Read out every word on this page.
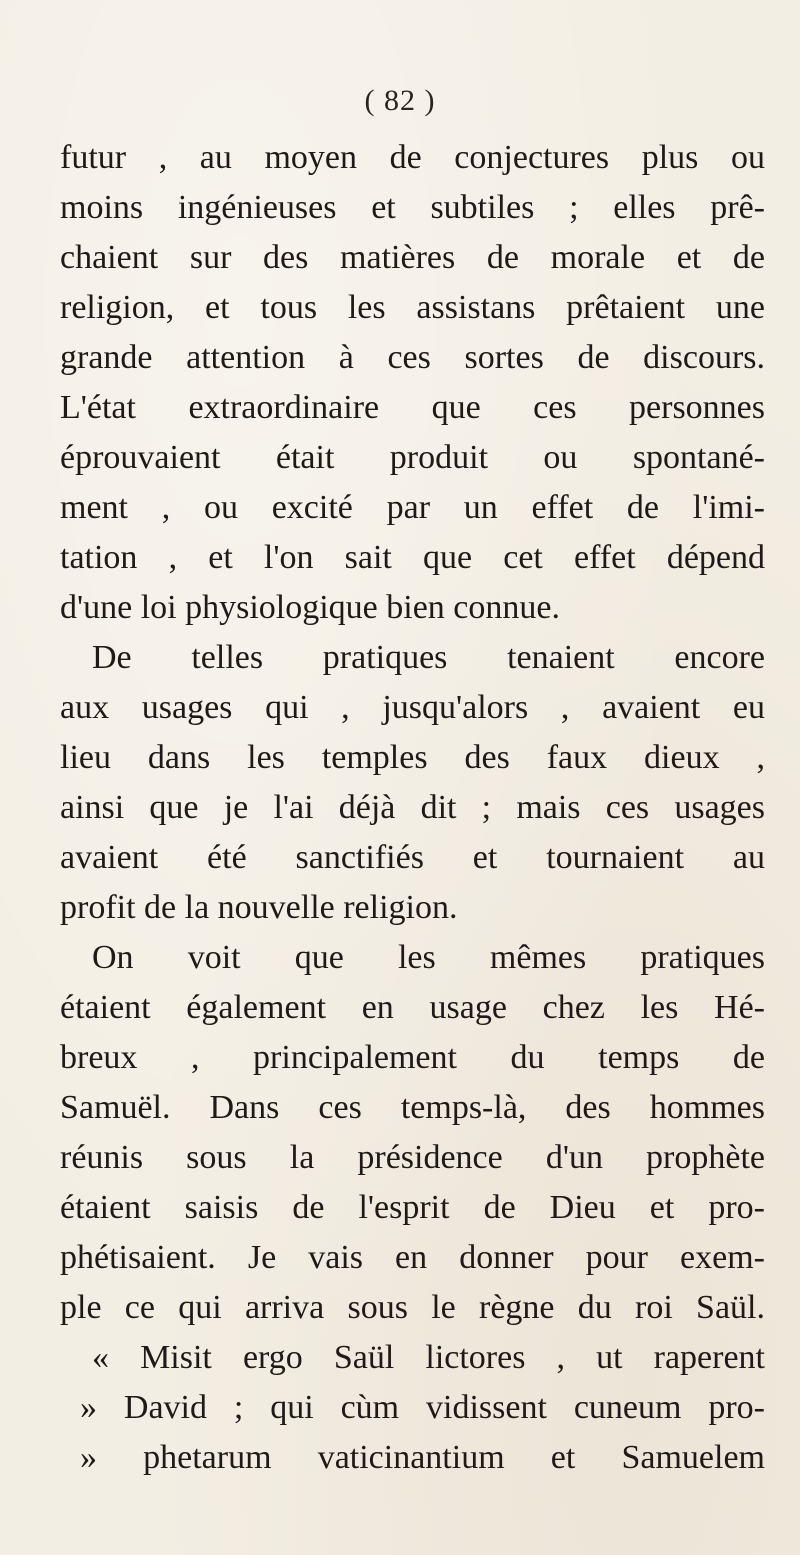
( 82 )

futur , au moyen de conjectures plus ou
moins ingénieuses et subtiles ; elles prê-
chaient sur des matières de morale et de
religion, et tous les assistans prêtaient une
grande attention à ces sortes de discours.
L'état extraordinaire que ces personnes
éprouvaient était produit ou spontané-
ment , ou excité par un effet de l'imi-
tation , et l'on sait que cet effet dépend
d'une loi physiologique bien connue.
De telles pratiques tenaient encore
aux usages qui , jusqu'alors , avaient eu
lieu dans les temples des faux dieux ,
ainsi que je l'ai déjà dit ; mais ces usages
avaient été sanctifiés et tournaient au
profit de la nouvelle religion.
On voit que les mêmes pratiques
étaient également en usage chez les Hé-
breux , principalement du temps de
Samuël. Dans ces temps-là, des hommes
réunis sous la présidence d'un prophète
étaient saisis de l'esprit de Dieu et pro-
phétisaient. Je vais en donner pour exem-
ple ce qui arriva sous le règne du roi Saül.
« Misit ergo Saül lictores , ut raperent
» David ; qui cùm vidissent cuneum pro-
» phetarum vaticinantium et Samuelem
